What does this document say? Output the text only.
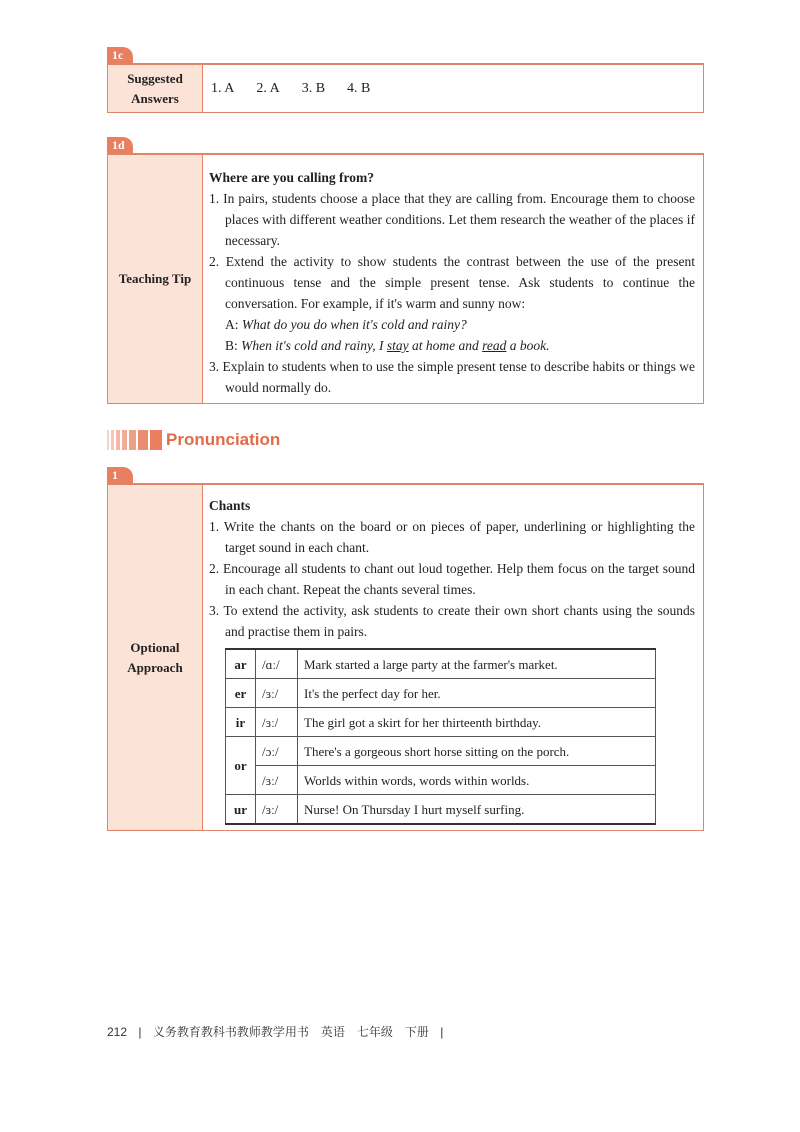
1c
Suggested
Answers
1. A 2. A 3. B 4. B
1d
Teaching Tip
Where are you calling from?
1. In pairs, students choose a place that they are calling from. Encourage them to choose places with different weather conditions. Let them research the weather of the places if necessary.
2. Extend the activity to show students the contrast between the use of the present continuous tense and the simple present tense. Ask students to continue the conversation. For example, if it's warm and sunny now:
A: What do you do when it's cold and rainy?
B: When it's cold and rainy, I stay at home and read a book.
3. Explain to students when to use the simple present tense to describe habits or things we would normally do.
Pronunciation
1
Optional
Approach
Chants
1. Write the chants on the board or on pieces of paper, underlining or highlighting the target sound in each chant.
2. Encourage all students to chant out loud together. Help them focus on the target sound in each chant. Repeat the chants several times.
3. To extend the activity, ask students to create their own short chants using the sounds and practise them in pairs.
ar	/ɑː/	Mark started a large party at the farmer's market.
er	/ɜː/	It's the perfect day for her.
ir	/ɜː/	The girl got a skirt for her thirteenth birthday.
or	/ɔː/	There's a gorgeous short horse sitting on the porch.
	/ɜː/	Worlds within words, words within worlds.
ur	/ɜː/	Nurse! On Thursday I hurt myself surfing.
212 | 义务教育教科书教师教学用书　英语　七年级　下册 |
